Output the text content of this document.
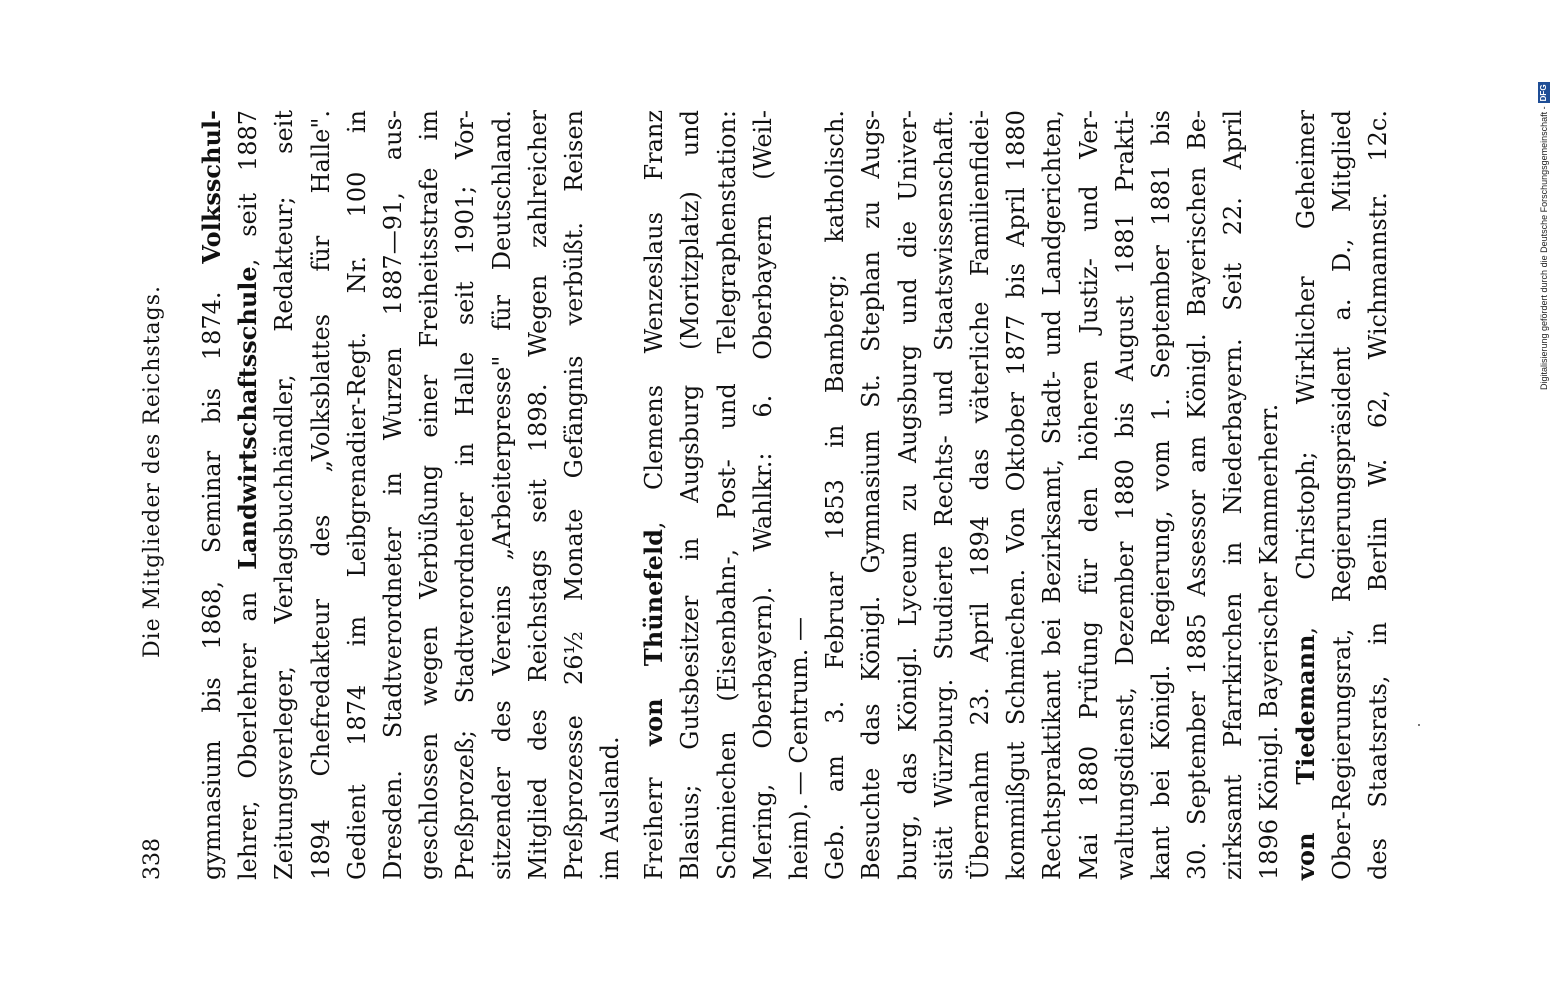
338
Die Mitglieder des Reichstags. gymnasium bis 1868, Seminar bis 1874. Volksschul-
lehrer, Oberlehrer an Landwirtschaftsschule, seit 1887 Zeitungsverleger, Verlagsbuchhändler, Redakteur; seit 1894 Chefredakteur des „Volksblattes für Halle". Gedient 1874 im Leibgrenadier-Regt. Nr. 100 in Dresden. Stadtverordneter in Wurzen 1887—91, aus- geschlossen wegen Verbüßung einer Freiheitsstrafe im Preßprozeß; Stadtverordneter in Halle seit 1901; Vor- sitzender des Vereins „Arbeiterpresse" für Deutschland. Mitglied des Reichstags seit 1898. Wegen zahlreicher Preßprozesse 26½ Monate Gefängnis verbüßt. Reisen im Ausland. Freiherr von Thünefeld, Clemens Wenzeslaus Franz Blasius; Gutsbesitzer in Augsburg (Moritzplatz) und Schmiechen (Eisenbahn-, Post- und Telegraphenstation: Mering, Oberbayern). Wahlkr.: 6. Oberbayern (Weil- heim). — Centrum. — Geb. am 3. Februar 1853 in Bamberg; katholisch. Besuchte das Königl. Gymnasium St. Stephan zu Augs- burg, das Königl. Lyceum zu Augsburg und die Univer- sität Würzburg. Studierte Rechts- und Staatswissenschaft. Übernahm 23. April 1894 das väterliche Familienfidei- kommißgut Schmiechen. Von Oktober 1877 bis April 1880 Rechtspraktikant bei Bezirksamt, Stadt- und Landgerichten, Mai 1880 Prüfung für den höheren Justiz- und Ver- waltungsdienst, Dezember 1880 bis August 1881 Prakti- kant bei Königl. Regierung, vom 1. September 1881 bis 30. September 1885 Assessor am Königl. Bayerischen Be- zirksamt Pfarrkirchen in Niederbayern. Seit 22. April 1896 Königl. Bayerischer Kammerherr. von Tiedemann, Christoph; Wirklicher Geheimer Ober-Regierungsrat, Regierungspräsident a. D., Mitglied des Staatsrats, in Berlin W. 62, Wichmannstr. 12c.	Digitalisierung gefördert durch die Deutsche Forschungsgemeinschaft -
DFG
